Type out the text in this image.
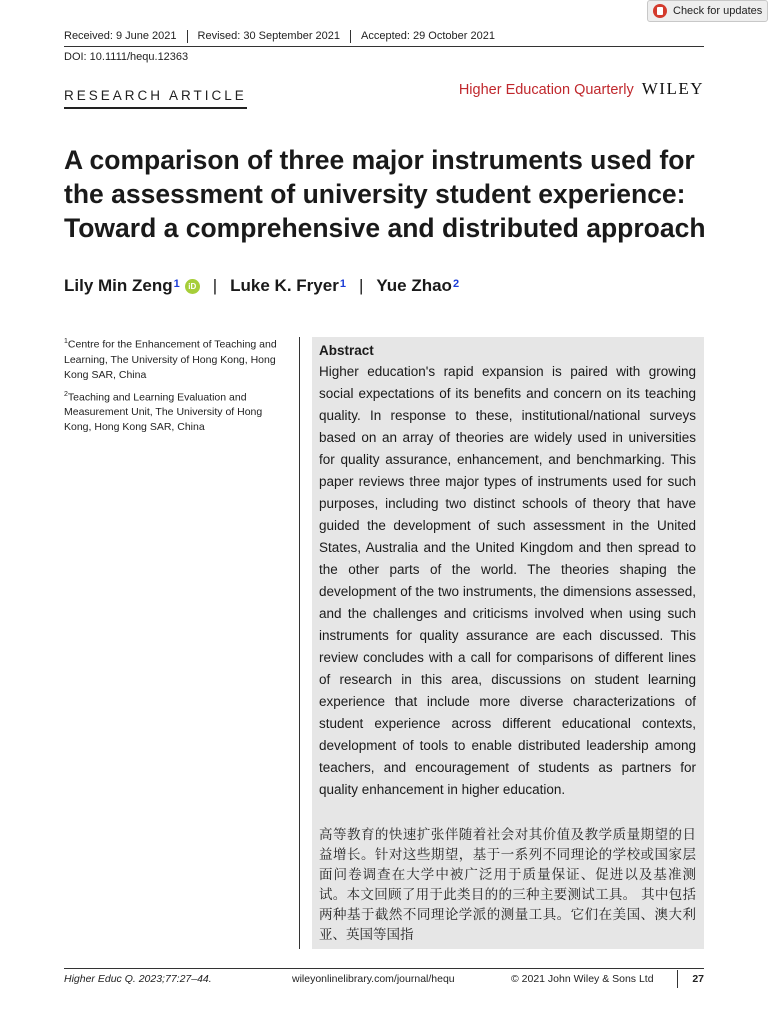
Check for updates
Received: 9 June 2021	Revised: 30 September 2021	Accepted: 29 October 2021
DOI: 10.1111/hequ.12363
RESEARCH ARTICLE	Higher Education Quarterly WILEY
A comparison of three major instruments used for the assessment of university student experience: Toward a comprehensive and distributed approach
Lily Min Zeng$^1$	iD | Luke K. Fryer$^1$ | Yue Zhao$^2$

$^1$Centre for the Enhancement of Teaching and Learning, The University of Hong Kong, Hong Kong SAR, China

$^2$Teaching and Learning Evaluation and Measurement Unit, The University of Hong Kong, Hong Kong SAR, China

Abstract
Higher education's rapid expansion is paired with growing social expectations of its benefits and concern on its teaching quality. In response to these, institutional/national surveys based on an array of theories are widely used in universities for quality assurance, enhancement, and benchmarking. This paper reviews three major types of instruments used for such purposes, including two distinct schools of theory that have guided the development of such assessment in the United States, Australia and the United Kingdom and then spread to the other parts of the world. The theories shaping the development of the two instruments, the dimensions assessed, and the challenges and criticisms involved when using such instruments for quality assurance are each discussed. This review concludes with a call for comparisons of different lines of research in this area, discussions on student learning experience that include more diverse characterizations of student experience across different educational contexts, development of tools to enable distributed leadership among teachers, and encouragement of students as partners for quality enhancement in higher education.
高等教育的快速扩张伴随着社会对其价值及教学质量期望的日益增长。针对这些期望，基于一系列不同理论的学校或国家层面问卷调查在大学中被广泛用于质量保证、促进以及基准测试。本文回顾了用于此类目的的三种主要测试工具。 其中包括两种基于截然不同理论学派的测量工具。它们在美国、澳大利亚、英国等国指
Higher Educ Q. 2023;77:27–44.	wileyonlinelibrary.com/journal/hequ	© 2021 John Wiley & Sons Ltd	27
